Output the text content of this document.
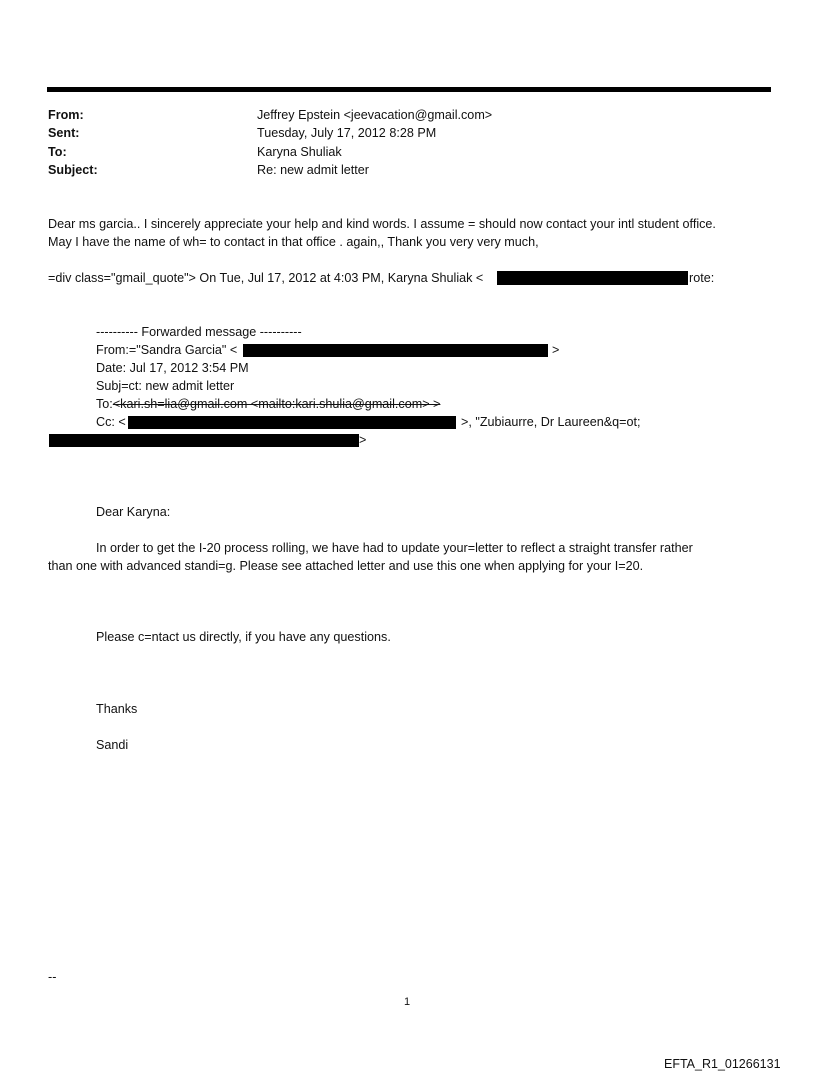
From:	Jeffrey Epstein <jeevacation@gmail.com>
Sent:	Tuesday, July 17, 2012 8:28 PM
To:	Karyna Shuliak
Subject:	Re: new admit letter
Dear ms garcia.. I sincerely appreciate your help and kind words. I assume = should now contact your intl student office.
May I have the name of wh= to contact in that office . again,, Thank you very very much,
=div class="gmail_quote"> On Tue, Jul 17, 2012 at 4:03 PM, Karyna Shuliak <	rote:
---------- Forwarded message ----------
From:="Sandra Garcia" <	>
Date: Jul 17, 2012 3:54 PM
Subj=ct: new admit letter
To:<kari.sh=lia@gmail.com <mailto:kari.shulia@gmail.com> >
Cc: <	>, "Zubiaurre, Dr Laureen&q=ot;
>
Dear Karyna:
In order to get the I-20 process rolling, we have had to update your=letter to reflect a straight transfer rather
than one with advanced standi=g. Please see attached letter and use this one when applying for your I=20.
Please c=ntact us directly, if you have any questions.
Thanks
Sandi
--
1
EFTA_R1_01266131
